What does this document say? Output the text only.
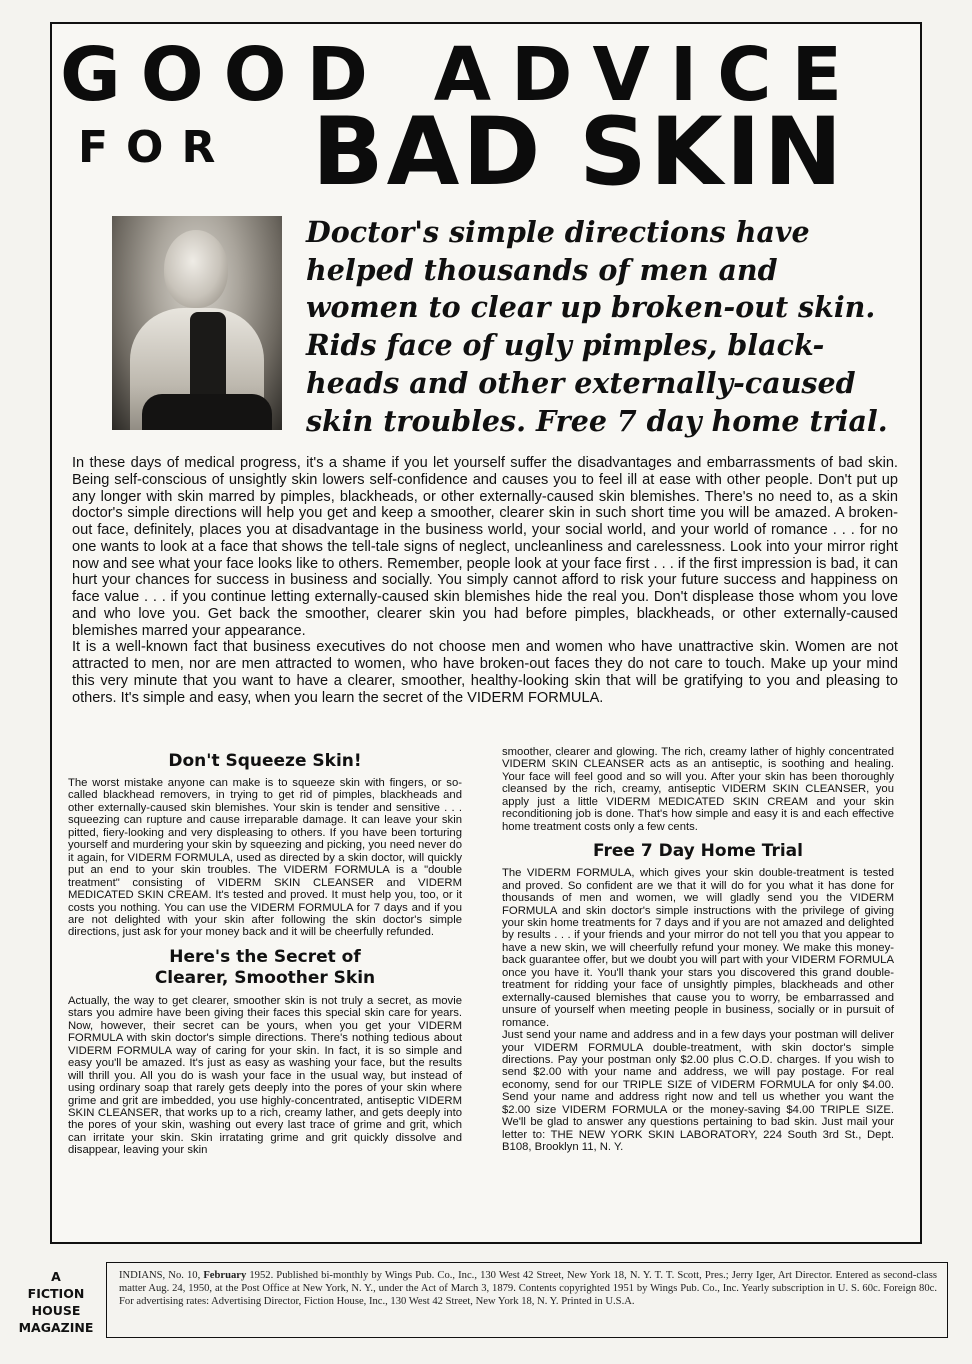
GOOD ADVICE
FOR BAD SKIN
Doctor's simple directions have
helped thousands of men and
women to clear up broken-out skin.
Rids face of ugly pimples, black-
heads and other externally-caused
skin troubles. Free 7 day home trial.

In these days of medical progress, it's a shame if you let yourself suffer the disadvantages and embarrassments of bad skin. Being self-conscious of unsightly skin lowers self-confidence and causes you to feel ill at ease with other people. Don't put up any longer with skin marred by pimples, blackheads, or other externally-caused skin blemishes. There's no need to, as a skin doctor's simple directions will help you get and keep a smoother, clearer skin in such short time you will be amazed. A broken-out face, definitely, places you at disadvantage in the business world, your social world, and your world of romance . . . for no one wants to look at a face that shows the tell-tale signs of neglect, uncleanliness and carelessness. Look into your mirror right now and see what your face looks like to others. Remember, people look at your face first . . . if the first impression is bad, it can hurt your chances for success in business and socially. You simply cannot afford to risk your future success and happiness on face value . . . if you continue letting externally-caused skin blemishes hide the real you. Don't displease those whom you love and who love you. Get back the smoother, clearer skin you had before pimples, blackheads, or other externally-caused blemishes marred your appearance.

It is a well-known fact that business executives do not choose men and women who have unattractive skin. Women are not attracted to men, nor are men attracted to women, who have broken-out faces they do not care to touch. Make up your mind this very minute that you want to have a clearer, smoother, healthy-looking skin that will be gratifying to you and pleasing to others. It's simple and easy, when you learn the secret of the VIDERM FORMULA.

Don't Squeeze Skin!

The worst mistake anyone can make is to squeeze skin with fingers, or so-called blackhead removers, in trying to get rid of pimples, blackheads and other externally-caused skin blemishes. Your skin is tender and sensitive . . . squeezing can rupture and cause irreparable damage. It can leave your skin pitted, fiery-looking and very displeasing to others. If you have been torturing yourself and murdering your skin by squeezing and picking, you need never do it again, for VIDERM FORMULA, used as directed by a skin doctor, will quickly put an end to your skin troubles. The VIDERM FORMULA is a "double treatment" consisting of VIDERM SKIN CLEANSER and VIDERM MEDICATED SKIN CREAM. It's tested and proved. It must help you, too, or it costs you nothing. You can use the VIDERM FORMULA for 7 days and if you are not delighted with your skin after following the skin doctor's simple directions, just ask for your money back and it will be cheerfully refunded.

Here's the Secret of
Clearer, Smoother Skin

Actually, the way to get clearer, smoother skin is not truly a secret, as movie stars you admire have been giving their faces this special skin care for years. Now, however, their secret can be yours, when you get your VIDERM FORMULA with skin doctor's simple directions. There's nothing tedious about VIDERM FORMULA way of caring for your skin. In fact, it is so simple and easy you'll be amazed. It's just as easy as washing your face, but the results will thrill you. All you do is wash your face in the usual way, but instead of using ordinary soap that rarely gets deeply into the pores of your skin where grime and grit are imbedded, you use highly-concentrated, antiseptic VIDERM SKIN CLEANSER, that works up to a rich, creamy lather, and gets deeply into the pores of your skin, washing out every last trace of grime and grit, which can irritate your skin. Skin irratating grime and grit quickly dissolve and disappear, leaving your skin

smoother, clearer and glowing. The rich, creamy lather of highly concentrated VIDERM SKIN CLEANSER acts as an antiseptic, is soothing and healing. Your face will feel good and so will you. After your skin has been thoroughly cleansed by the rich, creamy, antiseptic VIDERM SKIN CLEANSER, you apply just a little VIDERM MEDICATED SKIN CREAM and your skin reconditioning job is done. That's how simple and easy it is and each effective home treatment costs only a few cents.

Free 7 Day Home Trial

The VIDERM FORMULA, which gives your skin double-treatment is tested and proved. So confident are we that it will do for you what it has done for thousands of men and women, we will gladly send you the VIDERM FORMULA and skin doctor's simple instructions with the privilege of giving your skin home treatments for 7 days and if you are not amazed and delighted by results . . . if your friends and your mirror do not tell you that you appear to have a new skin, we will cheerfully refund your money. We make this money-back guarantee offer, but we doubt you will part with your VIDERM FORMULA once you have it. You'll thank your stars you discovered this grand double-treatment for ridding your face of unsightly pimples, blackheads and other externally-caused blemishes that cause you to worry, be embarrassed and unsure of yourself when meeting people in business, socially or in pursuit of romance.

Just send your name and address and in a few days your postman will deliver your VIDERM FORMULA double-treatment, with skin doctor's simple directions. Pay your postman only $2.00 plus C.O.D. charges. If you wish to send $2.00 with your name and address, we will pay postage. For real economy, send for our TRIPLE SIZE of VIDERM FORMULA for only $4.00. Send your name and address right now and tell us whether you want the $2.00 size VIDERM FORMULA or the money-saving $4.00 TRIPLE SIZE. We'll be glad to answer any questions pertaining to bad skin. Just mail your letter to: THE NEW YORK SKIN LABORATORY, 224 South 3rd St., Dept. B108, Brooklyn 11, N. Y.

A
FICTION
HOUSE
MAGAZINE
INDIANS, No. 10, February 1952. Published bi-monthly by Wings Pub. Co., Inc., 130 West 42 Street, New York 18, N. Y. T. T. Scott, Pres.; Jerry Iger, Art Director. Entered as second-class matter Aug. 24, 1950, at the Post Office at New York, N. Y., under the Act of March 3, 1879. Contents copyrighted 1951 by Wings Pub. Co., Inc. Yearly subscription in U. S. 60c. Foreign 80c. For advertising rates: Advertising Director, Fiction House, Inc., 130 West 42 Street, New York 18, N. Y. Printed in U.S.A.
